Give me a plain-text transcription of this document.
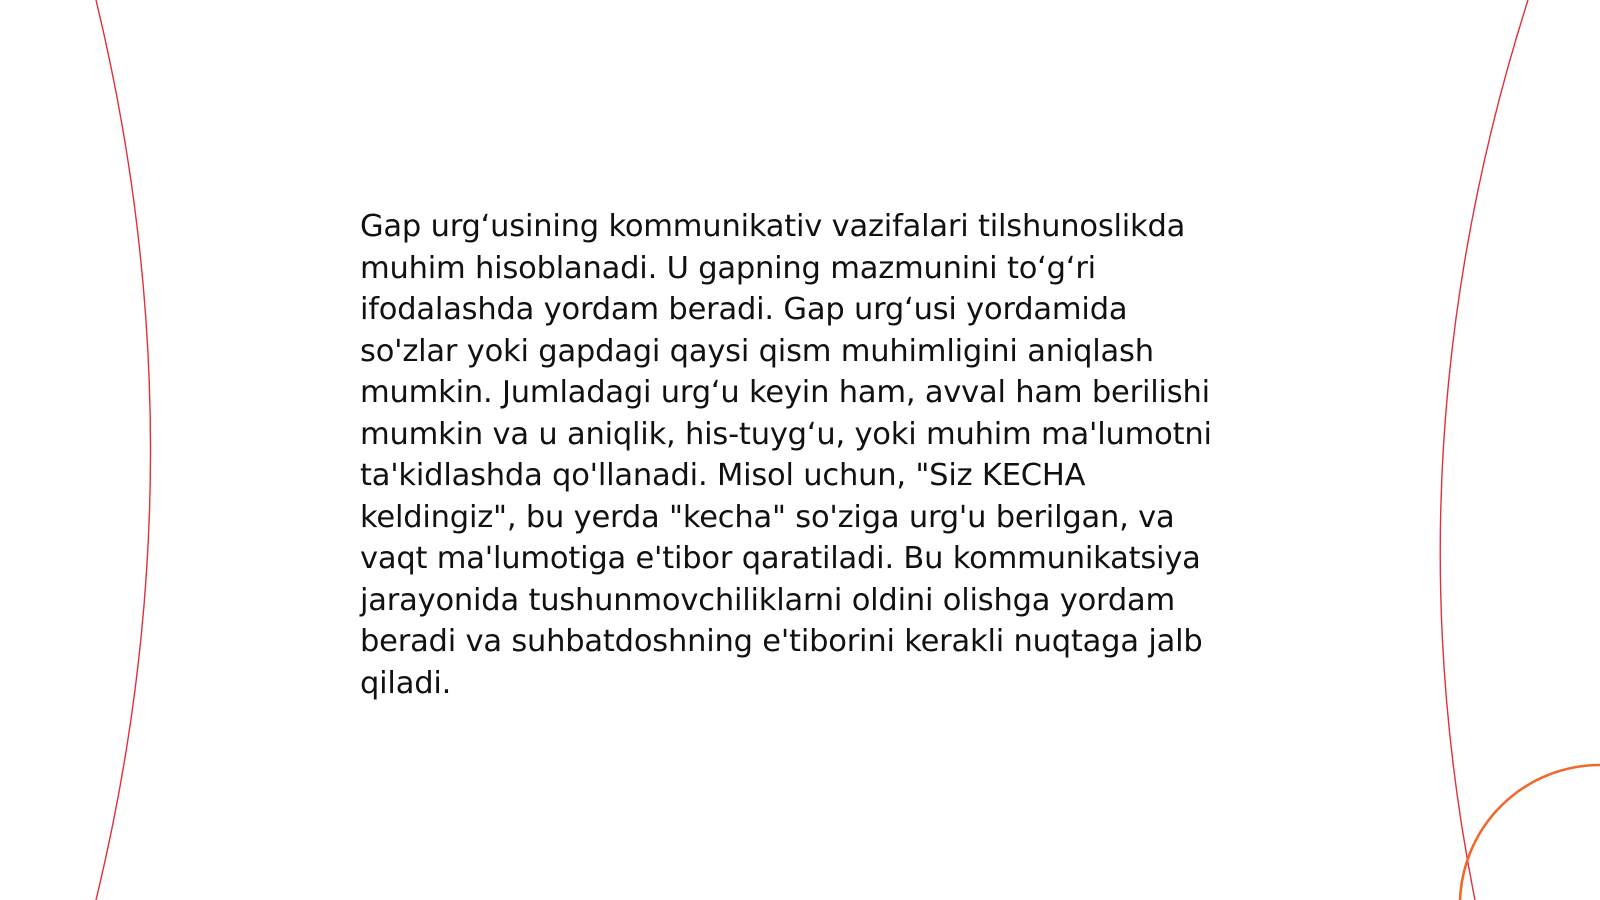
Gap urg‘usining kommunikativ vazifalari tilshunoslikda muhim hisoblanadi. U gapning mazmunini to‘g‘ri ifodalashda yordam beradi. Gap urg‘usi yordamida so'zlar yoki gapdagi qaysi qism muhimligini aniqlash mumkin. Jumladagi urg‘u keyin ham, avval ham berilishi mumkin va u aniqlik, his-tuyg‘u, yoki muhim ma'lumotni ta'kidlashda qo'llanadi. Misol uchun, "Siz KECHA keldingiz", bu yerda "kecha" so'ziga urg'u berilgan, va vaqt ma'lumotiga e'tibor qaratiladi. Bu kommunikatsiya jarayonida tushunmovchiliklarni oldini olishga yordam beradi va suhbatdoshning e'tiborini kerakli nuqtaga jalb qiladi.
